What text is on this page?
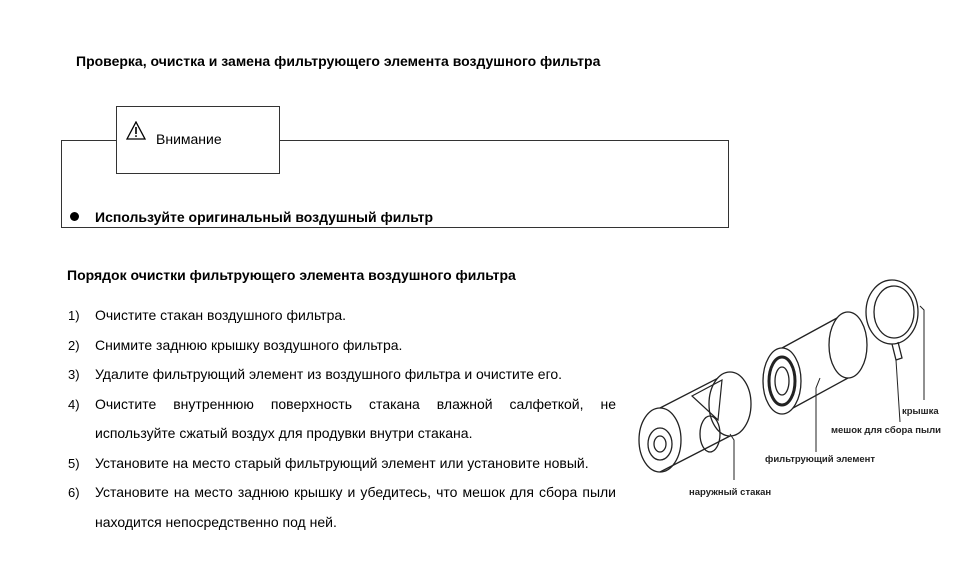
Проверка, очистка и замена фильтрующего элемента воздушного фильтра
Внимание
Используйте оригинальный воздушный фильтр
Порядок очистки фильтрующего элемента воздушного фильтра
1) Очистите стакан воздушного фильтра.
2) Снимите заднюю крышку воздушного фильтра.
3) Удалите фильтрующий элемент из воздушного фильтра и очистите его.
4) Очистите внутреннюю поверхность стакана влажной салфеткой, не используйте сжатый воздух для продувки внутри стакана.
5) Установите на место старый фильтрующий элемент или установите новый.
6) Установите на место заднюю крышку и убедитесь, что мешок для сбора пыли находится непосредственно под ней.
крышка
мешок для сбора пыли
фильтрующий элемент
наружный стакан
